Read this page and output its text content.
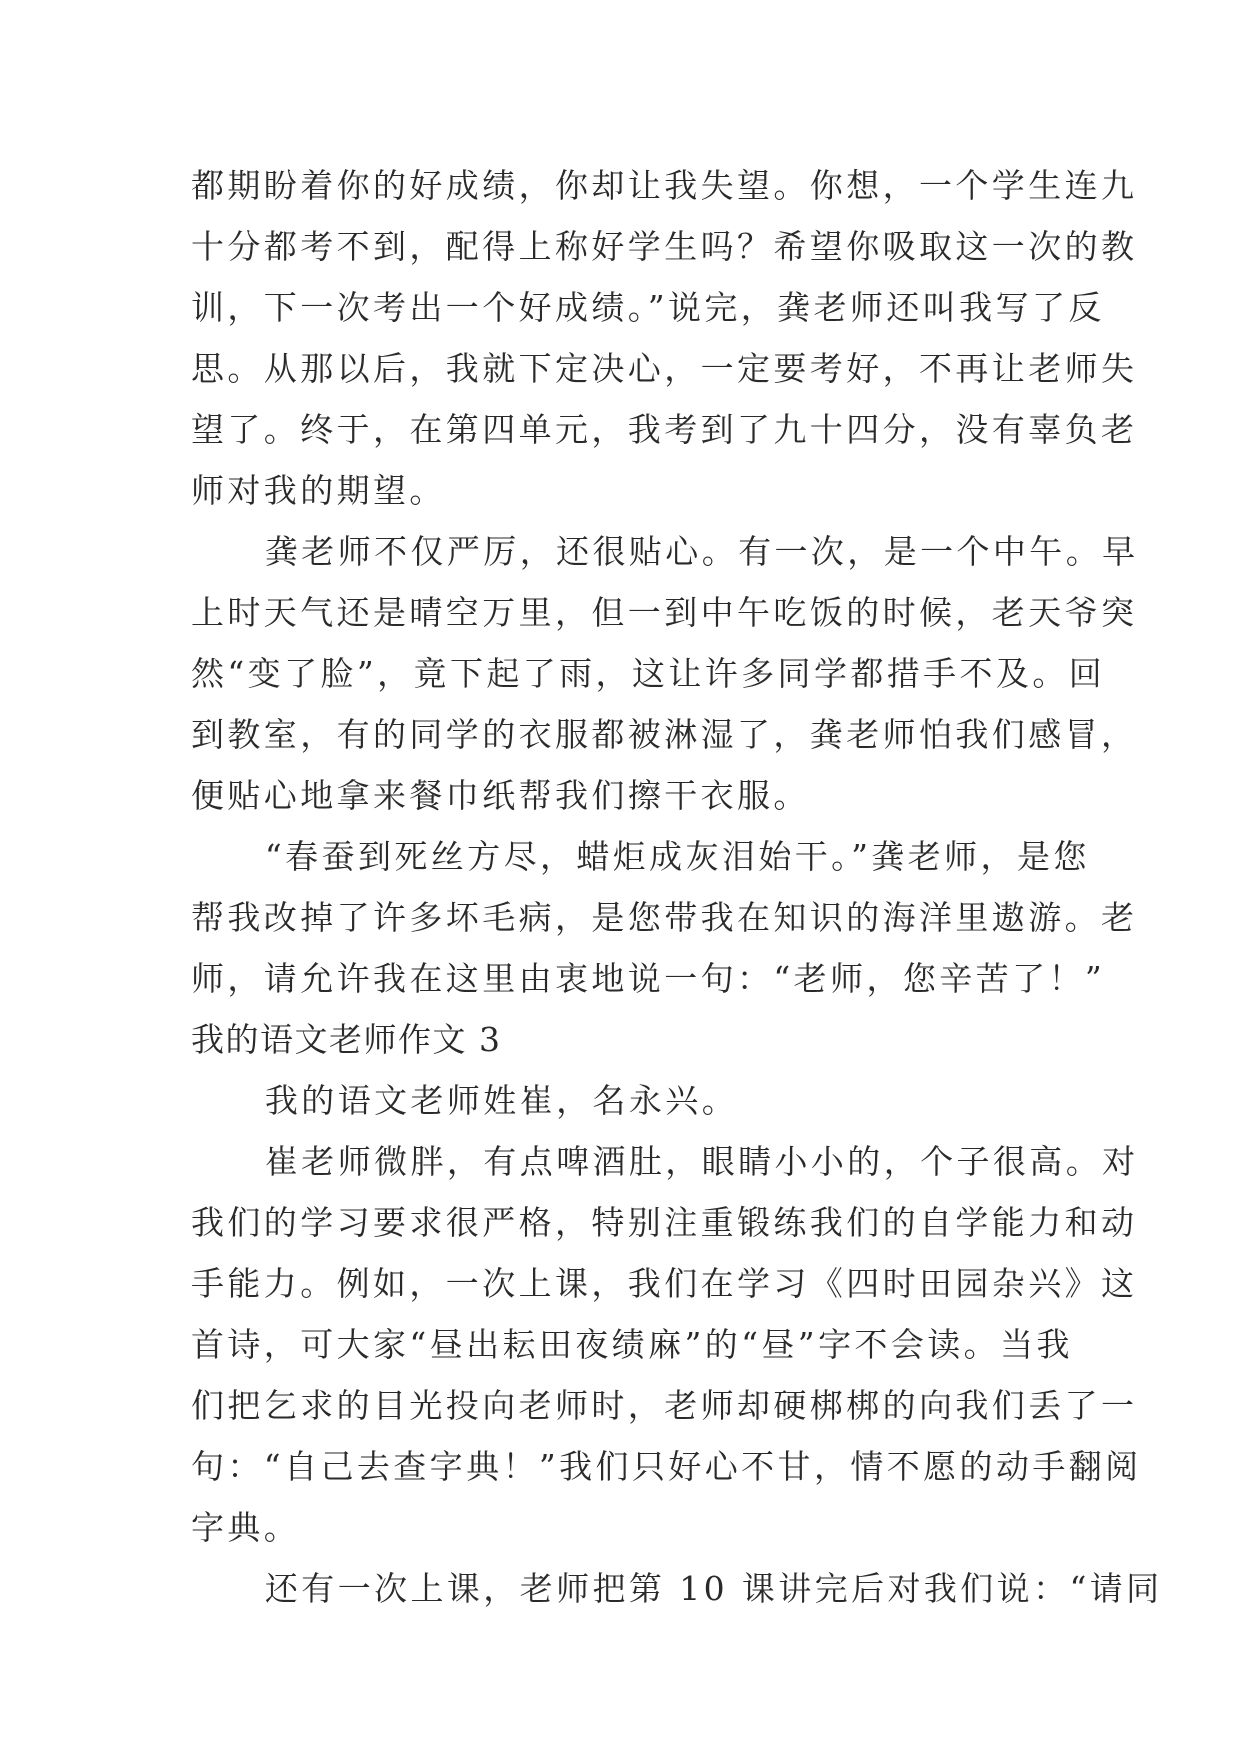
都期盼着你的好成绩，你却让我失望。你想，一个学生连九
十分都考不到，配得上称好学生吗？希望你吸取这一次的教
训，下一次考出一个好成绩。”说完，龚老师还叫我写了反
思。从那以后，我就下定决心，一定要考好，不再让老师失
望了。终于，在第四单元，我考到了九十四分，没有辜负老
师对我的期望。
龚老师不仅严厉，还很贴心。有一次，是一个中午。早
上时天气还是晴空万里，但一到中午吃饭的时候，老天爷突
然“变了脸”，竟下起了雨，这让许多同学都措手不及。回
到教室，有的同学的衣服都被淋湿了，龚老师怕我们感冒，
便贴心地拿来餐巾纸帮我们擦干衣服。
“春蚕到死丝方尽，蜡炬成灰泪始干。”龚老师，是您
帮我改掉了许多坏毛病，是您带我在知识的海洋里遨游。老
师，请允许我在这里由衷地说一句：“老师，您辛苦了！”
我的语文老师作文 3
我的语文老师姓崔，名永兴。
崔老师微胖，有点啤酒肚，眼睛小小的，个子很高。对
我们的学习要求很严格，特别注重锻练我们的自学能力和动
手能力。例如，一次上课，我们在学习《四时田园杂兴》这
首诗，可大家“昼出耘田夜绩麻”的“昼”字不会读。当我
们把乞求的目光投向老师时，老师却硬梆梆的向我们丢了一
句：“自己去查字典！”我们只好心不甘，情不愿的动手翻阅
字典。
还有一次上课，老师把第 10 课讲完后对我们说：“请同
